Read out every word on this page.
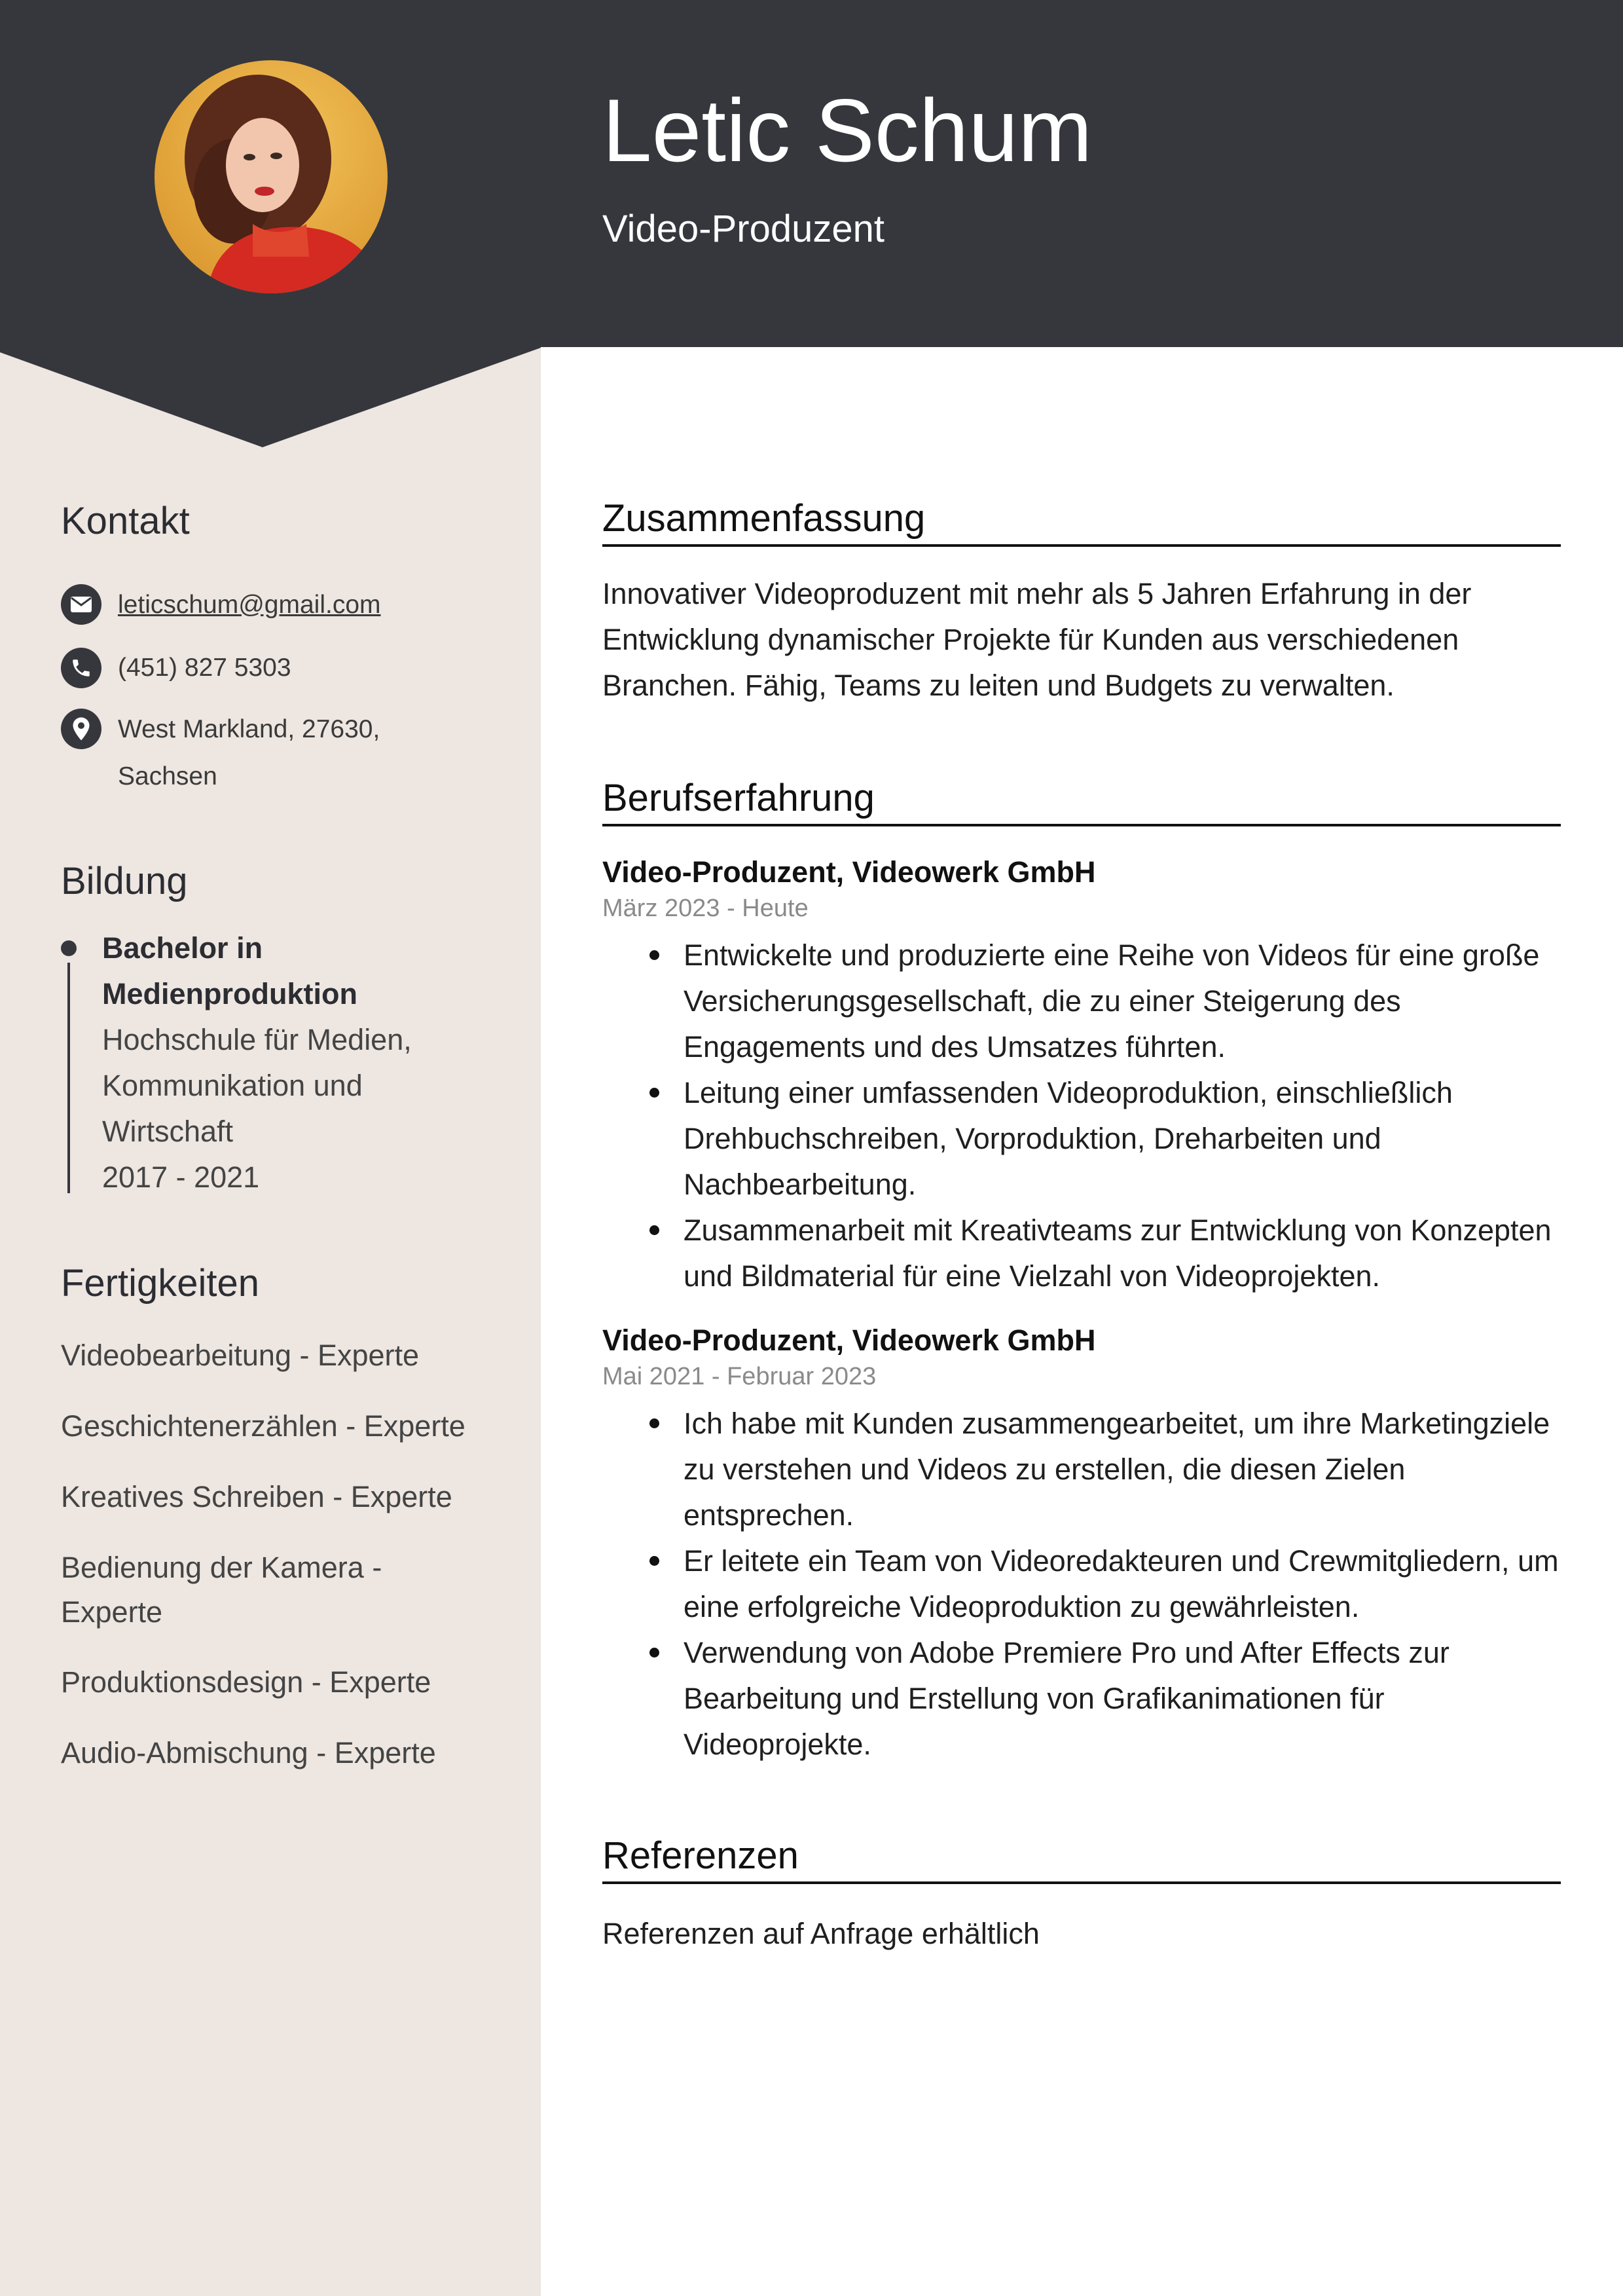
Letic Schum
Video-Produzent
Kontakt
leticschum@gmail.com
(451) 827 5303
West Markland, 27630,
Sachsen
Bildung
Bachelor in
Medienproduktion
Hochschule für Medien,
Kommunikation und
Wirtschaft
2017 - 2021
Fertigkeiten
Videobearbeitung - Experte
Geschichtenerzählen - Experte
Kreatives Schreiben - Experte
Bedienung der Kamera - Experte
Produktionsdesign - Experte
Audio-Abmischung - Experte
Zusammenfassung
Innovativer Videoproduzent mit mehr als 5 Jahren Erfahrung in der Entwicklung dynamischer Projekte für Kunden aus verschiedenen Branchen. Fähig, Teams zu leiten und Budgets zu verwalten.
Berufserfahrung
Video-Produzent, Videowerk GmbH
März 2023 - Heute
Entwickelte und produzierte eine Reihe von Videos für eine große Versicherungsgesellschaft, die zu einer Steigerung des Engagements und des Umsatzes führten.
Leitung einer umfassenden Videoproduktion, einschließlich Drehbuchschreiben, Vorproduktion, Dreharbeiten und Nachbearbeitung.
Zusammenarbeit mit Kreativteams zur Entwicklung von Konzepten und Bildmaterial für eine Vielzahl von Videoprojekten.
Video-Produzent, Videowerk GmbH
Mai 2021 - Februar 2023
Ich habe mit Kunden zusammengearbeitet, um ihre Marketingziele zu verstehen und Videos zu erstellen, die diesen Zielen entsprechen.
Er leitete ein Team von Videoredakteuren und Crewmitgliedern, um eine erfolgreiche Videoproduktion zu gewährleisten.
Verwendung von Adobe Premiere Pro und After Effects zur Bearbeitung und Erstellung von Grafikanimationen für Videoprojekte.
Referenzen
Referenzen auf Anfrage erhältlich
